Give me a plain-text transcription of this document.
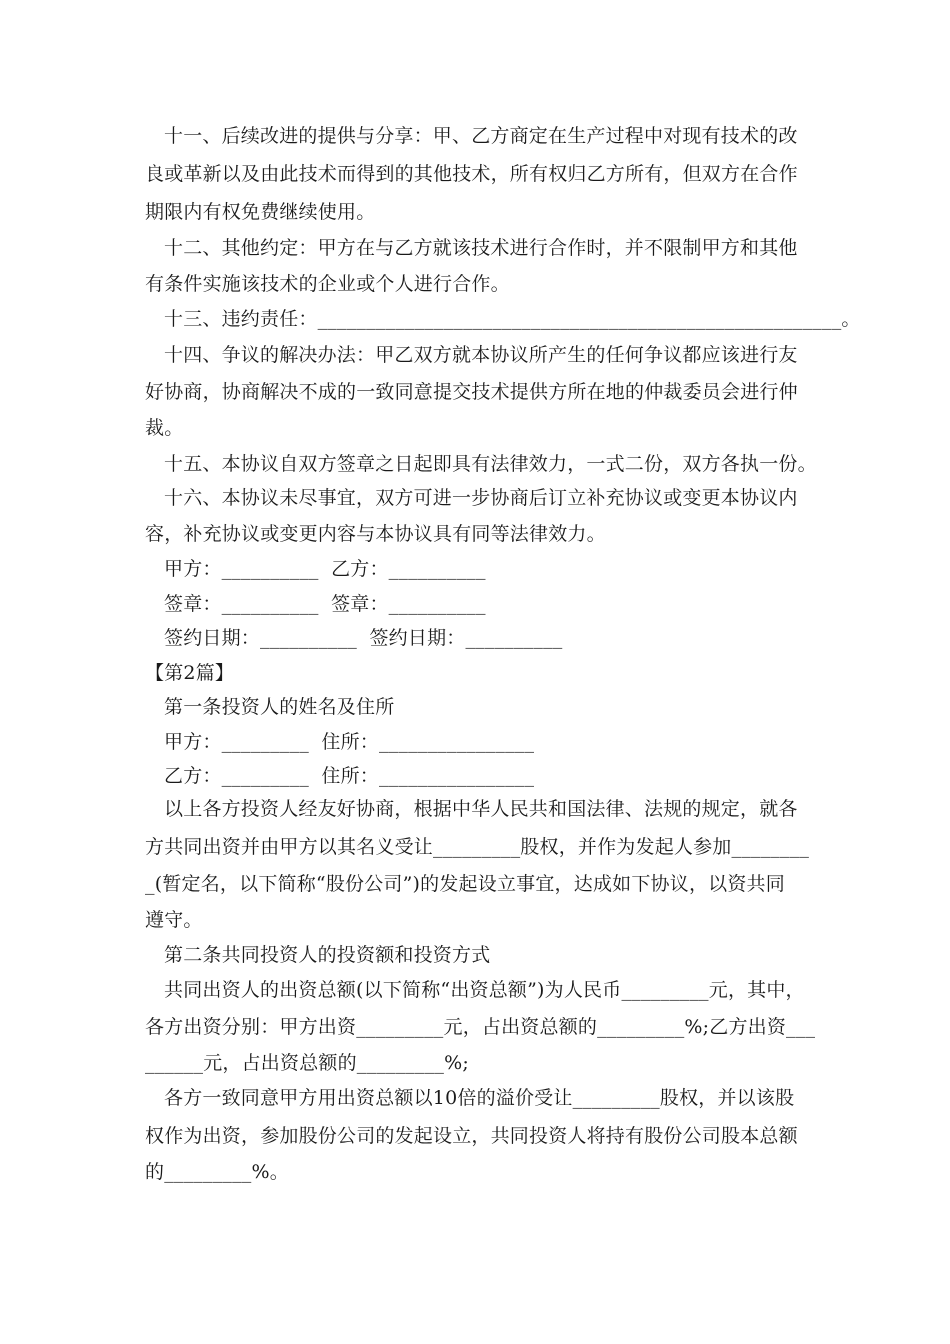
十一、后续改进的提供与分享：甲、乙方商定在生产过程中对现有技术的改
良或革新以及由此技术而得到的其他技术，所有权归乙方所有，但双方在合作
期限内有权免费继续使用。
十二、其他约定：甲方在与乙方就该技术进行合作时，并不限制甲方和其他
有条件实施该技术的企业或个人进行合作。
十三、违约责任：______________________________________________________。
十四、争议的解决办法：甲乙双方就本协议所产生的任何争议都应该进行友
好协商，协商解决不成的一致同意提交技术提供方所在地的仲裁委员会进行仲
裁。
十五、本协议自双方签章之日起即具有法律效力，一式二份，双方各执一份。
十六、本协议未尽事宜，双方可进一步协商后订立补充协议或变更本协议内
容，补充协议或变更内容与本协议具有同等法律效力。
甲方：__________  乙方：__________
签章：__________  签章：__________
签约日期：__________  签约日期：__________
【第2篇】
第一条投资人的姓名及住所
甲方：_________  住所：________________
乙方：_________  住所：________________
以上各方投资人经友好协商，根据中华人民共和国法律、法规的规定，就各
方共同出资并由甲方以其名义受让_________股权，并作为发起人参加________
_(暂定名，以下简称“股份公司”)的发起设立事宜，达成如下协议，以资共同
遵守。
第二条共同投资人的投资额和投资方式
共同出资人的出资总额(以下简称“出资总额”)为人民币_________元，其中，
各方出资分别：甲方出资_________元，占出资总额的_________%;乙方出资___
______元，占出资总额的_________%;
各方一致同意甲方用出资总额以10倍的溢价受让_________股权，并以该股
权作为出资，参加股份公司的发起设立，共同投资人将持有股份公司股本总额
的_________%。
